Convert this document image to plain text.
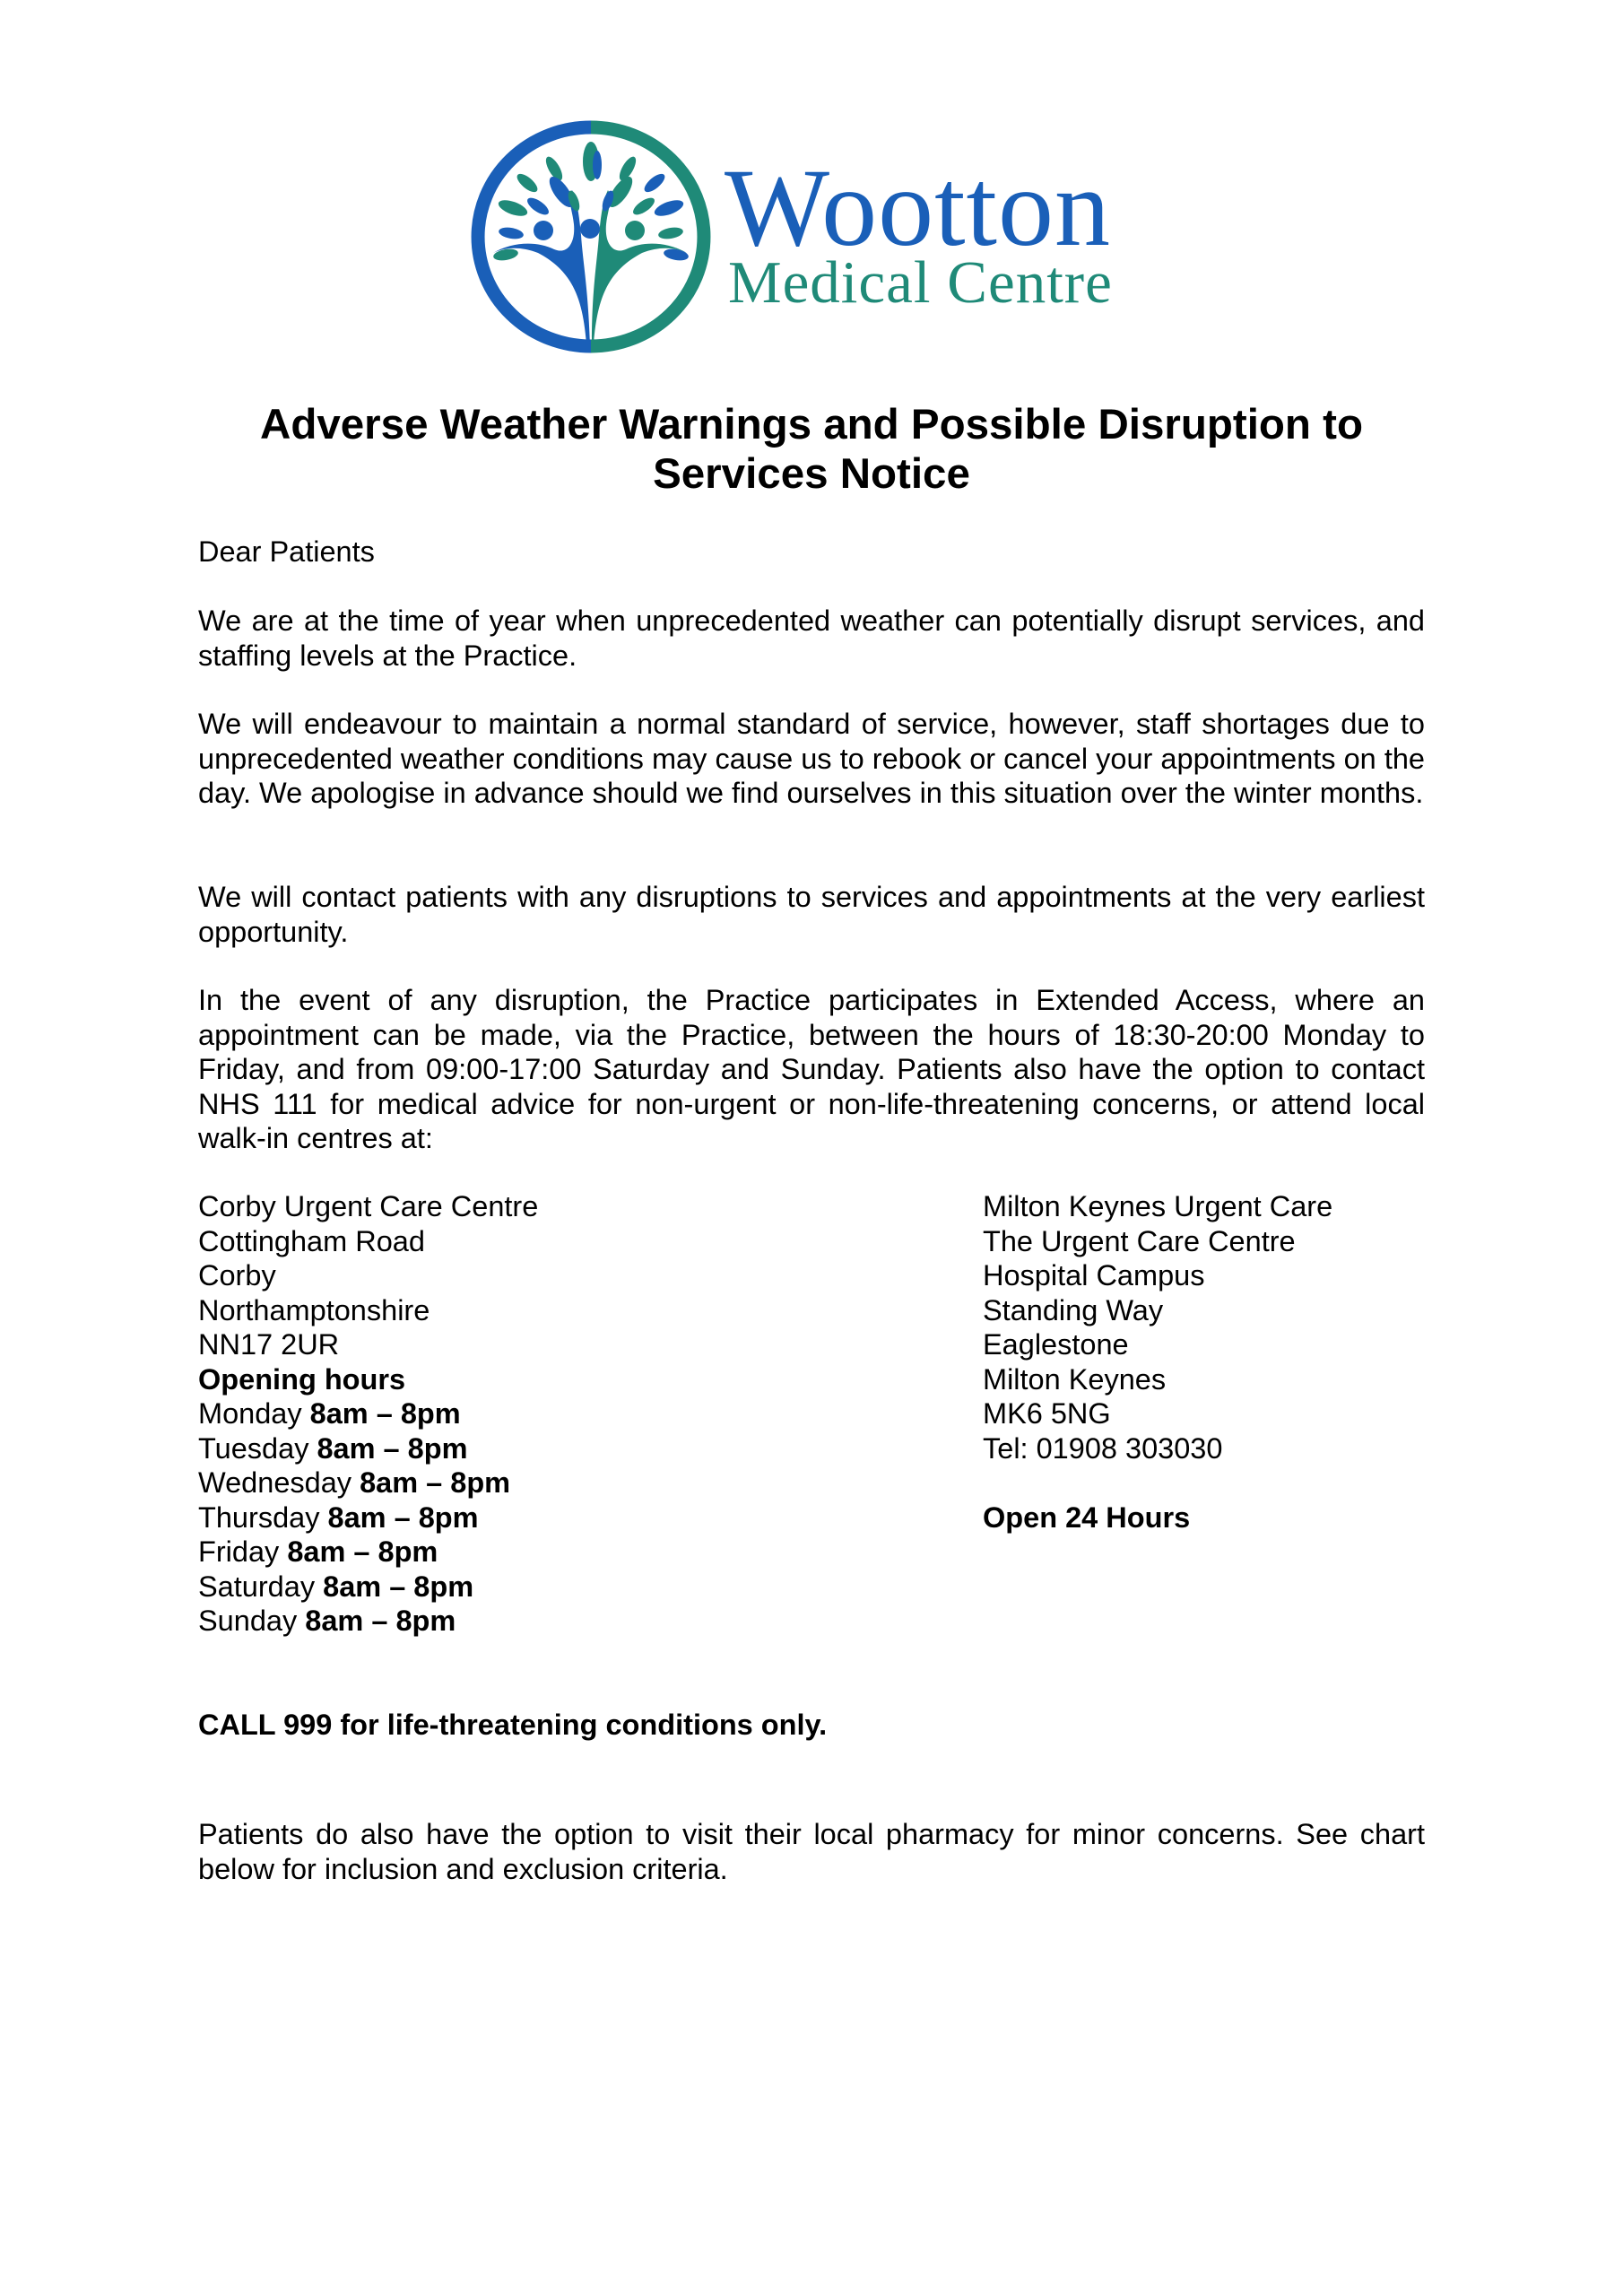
Wootton
Medical Centre
Adverse Weather Warnings and Possible Disruption to
Services Notice

Dear Patients

We are at the time of year when unprecedented weather can potentially disrupt services, and staffing levels at the Practice.

We will endeavour to maintain a normal standard of service, however, staff shortages due to unprecedented weather conditions may cause us to rebook or cancel your appointments on the day. We apologise in advance should we find ourselves in this situation over the winter months.

We will contact patients with any disruptions to services and appointments at the very earliest opportunity.

In the event of any disruption, the Practice participates in Extended Access, where an appointment can be made, via the Practice, between the hours of 18:30-20:00 Monday to Friday, and from 09:00-17:00 Saturday and Sunday. Patients also have the option to contact NHS 111 for medical advice for non-urgent or non-life-threatening concerns, or attend local walk-in centres at:

Corby Urgent Care Centre
Cottingham Road
Corby
Northamptonshire
NN17 2UR
Opening hours
Monday 8am – 8pm
Tuesday 8am – 8pm
Wednesday 8am – 8pm
Thursday 8am – 8pm
Friday 8am – 8pm
Saturday 8am – 8pm
Sunday 8am – 8pm
Milton Keynes Urgent Care
The Urgent Care Centre
Hospital Campus
Standing Way
Eaglestone
Milton Keynes
MK6 5NG
Tel: 01908 303030
Open 24 Hours

CALL 999 for life-threatening conditions only.

Patients do also have the option to visit their local pharmacy for minor concerns. See chart below for inclusion and exclusion criteria.
